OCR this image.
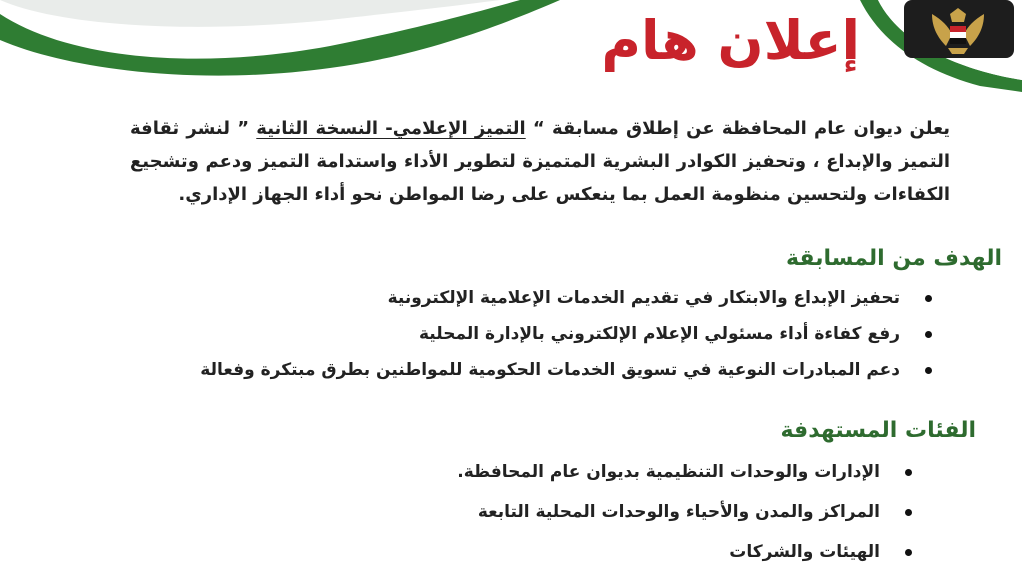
إعلان هام

يعلن ديوان عام المحافظة عن إطلاق مسابقة “ التميز الإعلامي- النسخة الثانية ” لنشر ثقافة التميز والإبداع ، وتحفيز الكوادر البشرية المتميزة لتطوير الأداء واستدامة التميز ودعم وتشجيع الكفاءات ولتحسين منظومة العمل بما ينعكس على رضا المواطن نحو أداء الجهاز الإداري.

الهدف من المسابقة
تحفيز الإبداع والابتكار في تقديم الخدمات الإعلامية الإلكترونية
رفع كفاءة أداء مسئولي الإعلام الإلكتروني بالإدارة المحلية
دعم المبادرات النوعية في تسويق الخدمات الحكومية للمواطنين بطرق مبتكرة وفعالة
الفئات المستهدفة
الإدارات والوحدات التنظيمية بديوان عام المحافظة.
المراكز والمدن والأحياء والوحدات المحلية التابعة
الهيئات والشركات
